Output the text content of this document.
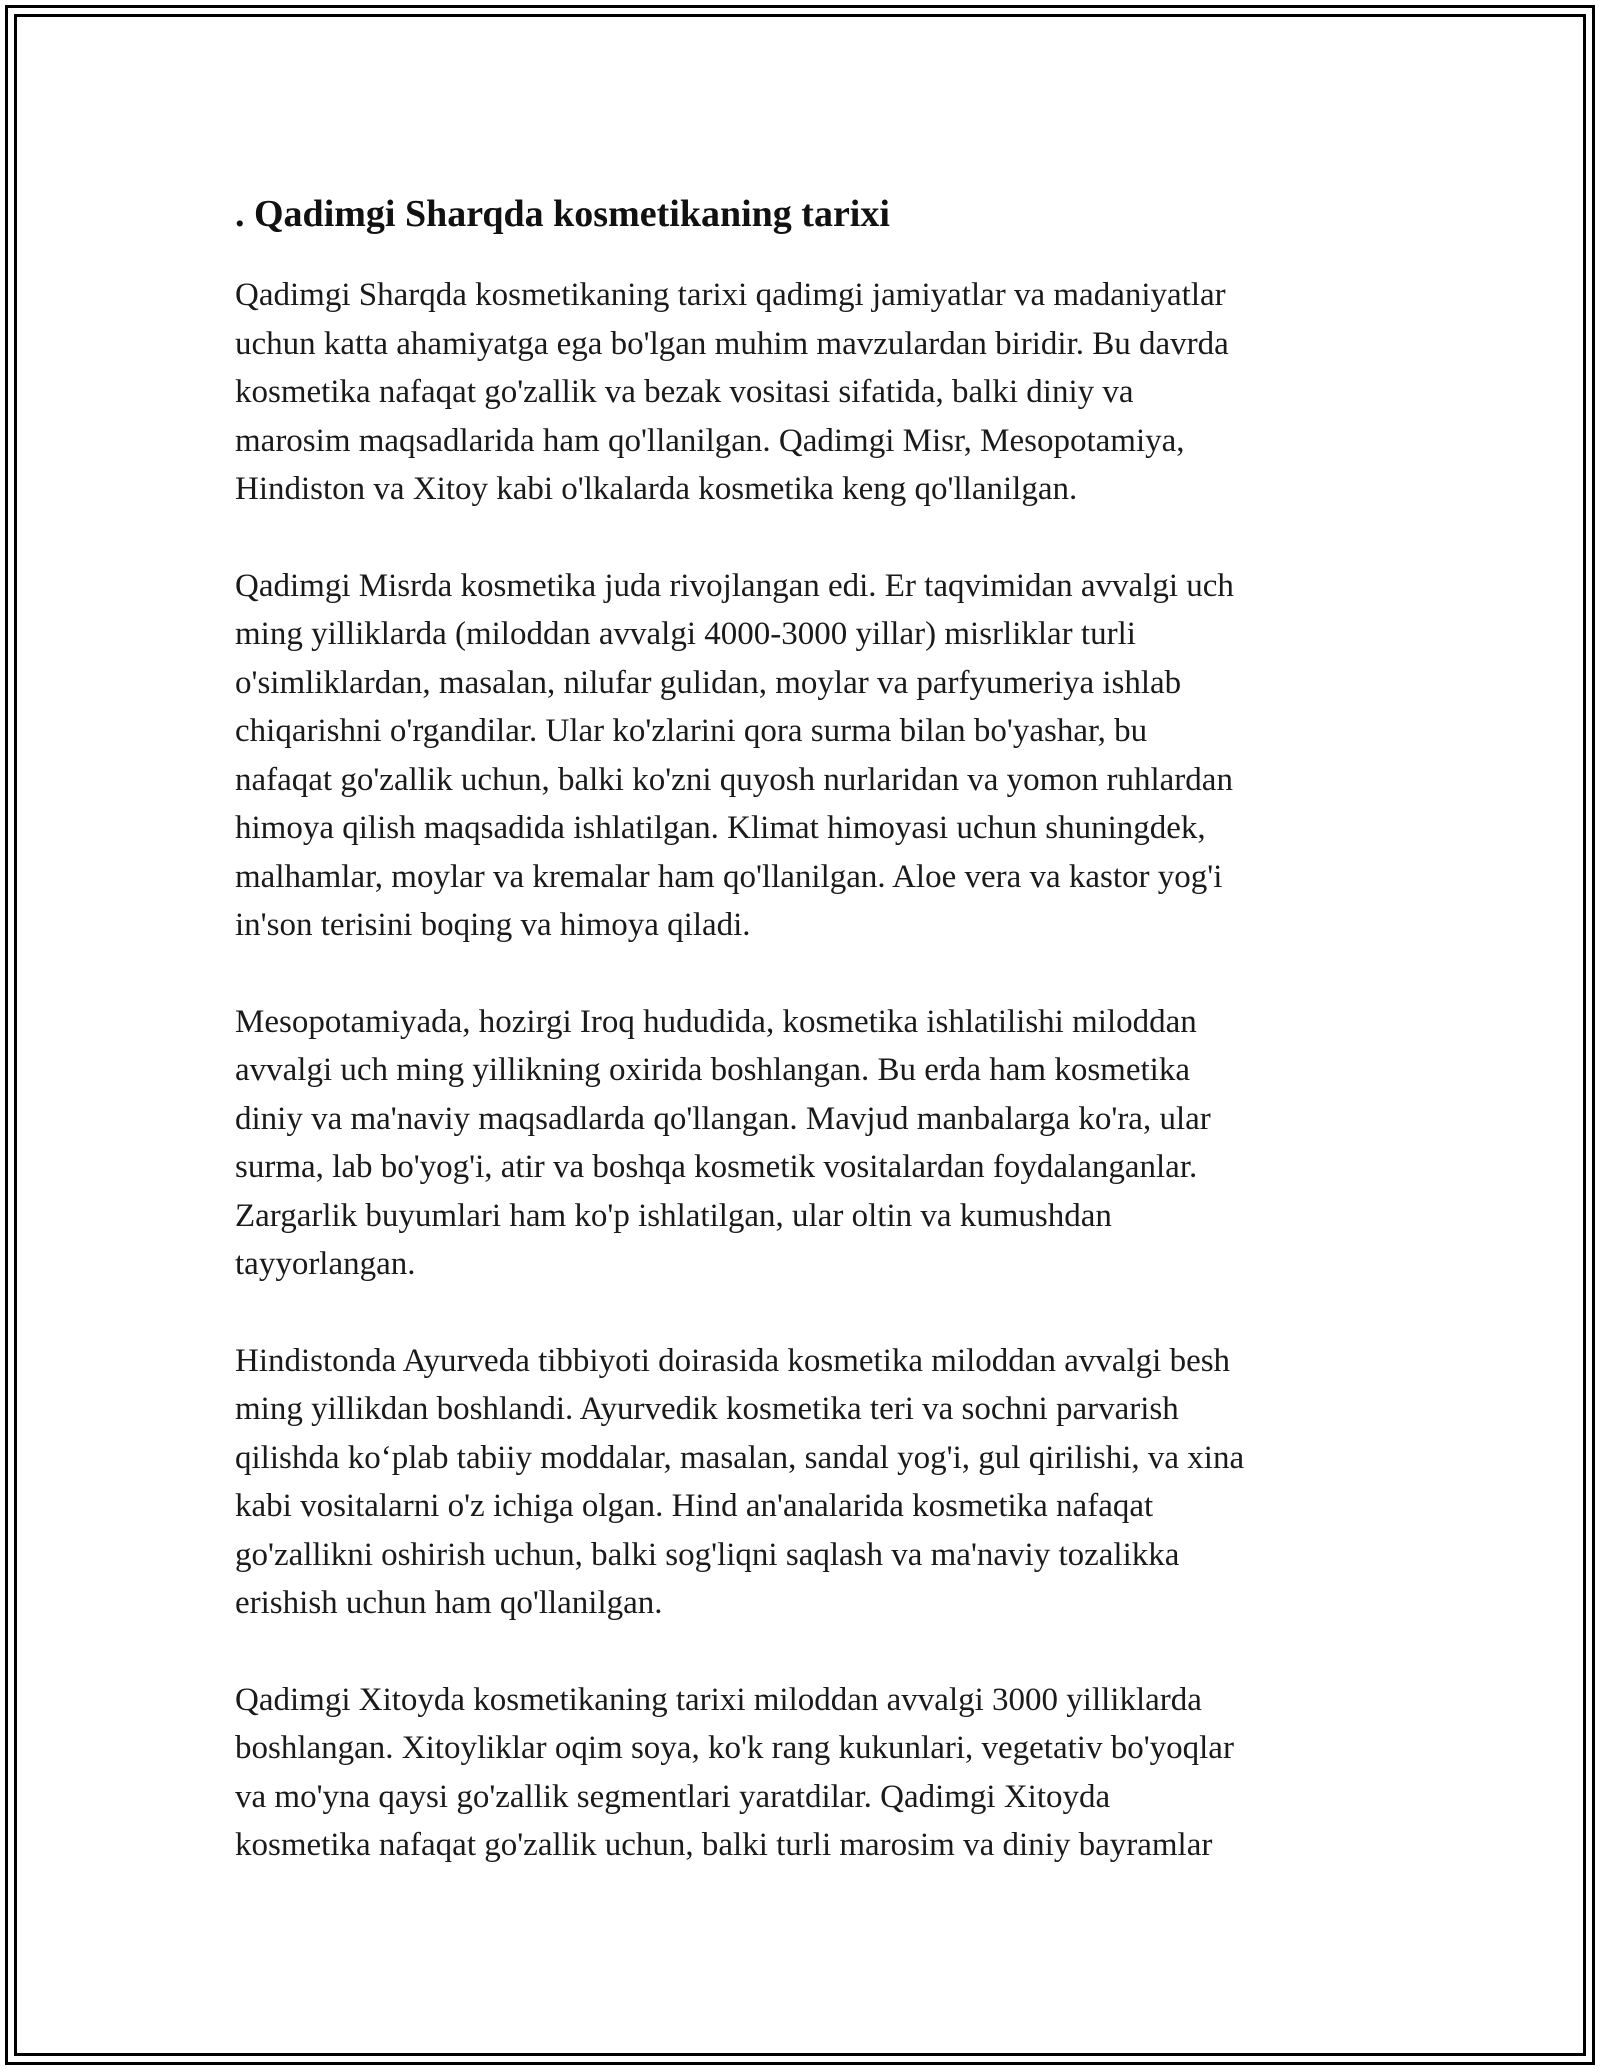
. Qadimgi Sharqda kosmetikaning tarixi
Qadimgi Sharqda kosmetikaning tarixi qadimgi jamiyatlar va madaniyatlar
uchun katta ahamiyatga ega bo'lgan muhim mavzulardan biridir. Bu davrda
kosmetika nafaqat go'zallik va bezak vositasi sifatida, balki diniy va
marosim maqsadlarida ham qo'llanilgan. Qadimgi Misr, Mesopotamiya,
Hindiston va Xitoy kabi o'lkalarda kosmetika keng qo'llanilgan.
Qadimgi Misrda kosmetika juda rivojlangan edi. Er taqvimidan avvalgi uch
ming yilliklarda (miloddan avvalgi 4000-3000 yillar) misrliklar turli
o'simliklardan, masalan, nilufar gulidan, moylar va parfyumeriya ishlab
chiqarishni o'rgandilar. Ular ko'zlarini qora surma bilan bo'yashar, bu
nafaqat go'zallik uchun, balki ko'zni quyosh nurlaridan va yomon ruhlardan
himoya qilish maqsadida ishlatilgan. Klimat himoyasi uchun shuningdek,
malhamlar, moylar va kremalar ham qo'llanilgan. Aloe vera va kastor yog'i
in'son terisini boqing va himoya qiladi.
Mesopotamiyada, hozirgi Iroq hududida, kosmetika ishlatilishi miloddan
avvalgi uch ming yillikning oxirida boshlangan. Bu erda ham kosmetika
diniy va ma'naviy maqsadlarda qo'llangan. Mavjud manbalarga ko'ra, ular
surma, lab bo'yog'i, atir va boshqa kosmetik vositalardan foydalanganlar.
Zargarlik buyumlari ham ko'p ishlatilgan, ular oltin va kumushdan
tayyorlangan.
Hindistonda Ayurveda tibbiyoti doirasida kosmetika miloddan avvalgi besh
ming yillikdan boshlandi. Ayurvedik kosmetika teri va sochni parvarish
qilishda ko‘plab tabiiy moddalar, masalan, sandal yog'i, gul qirilishi, va xina
kabi vositalarni o'z ichiga olgan. Hind an'analarida kosmetika nafaqat
go'zallikni oshirish uchun, balki sog'liqni saqlash va ma'naviy tozalikka
erishish uchun ham qo'llanilgan.
Qadimgi Xitoyda kosmetikaning tarixi miloddan avvalgi 3000 yilliklarda
boshlangan. Xitoyliklar oqim soya, ko'k rang kukunlari, vegetativ bo'yoqlar
va mo'yna qaysi go'zallik segmentlari yaratdilar. Qadimgi Xitoyda
kosmetika nafaqat go'zallik uchun, balki turli marosim va diniy bayramlar
